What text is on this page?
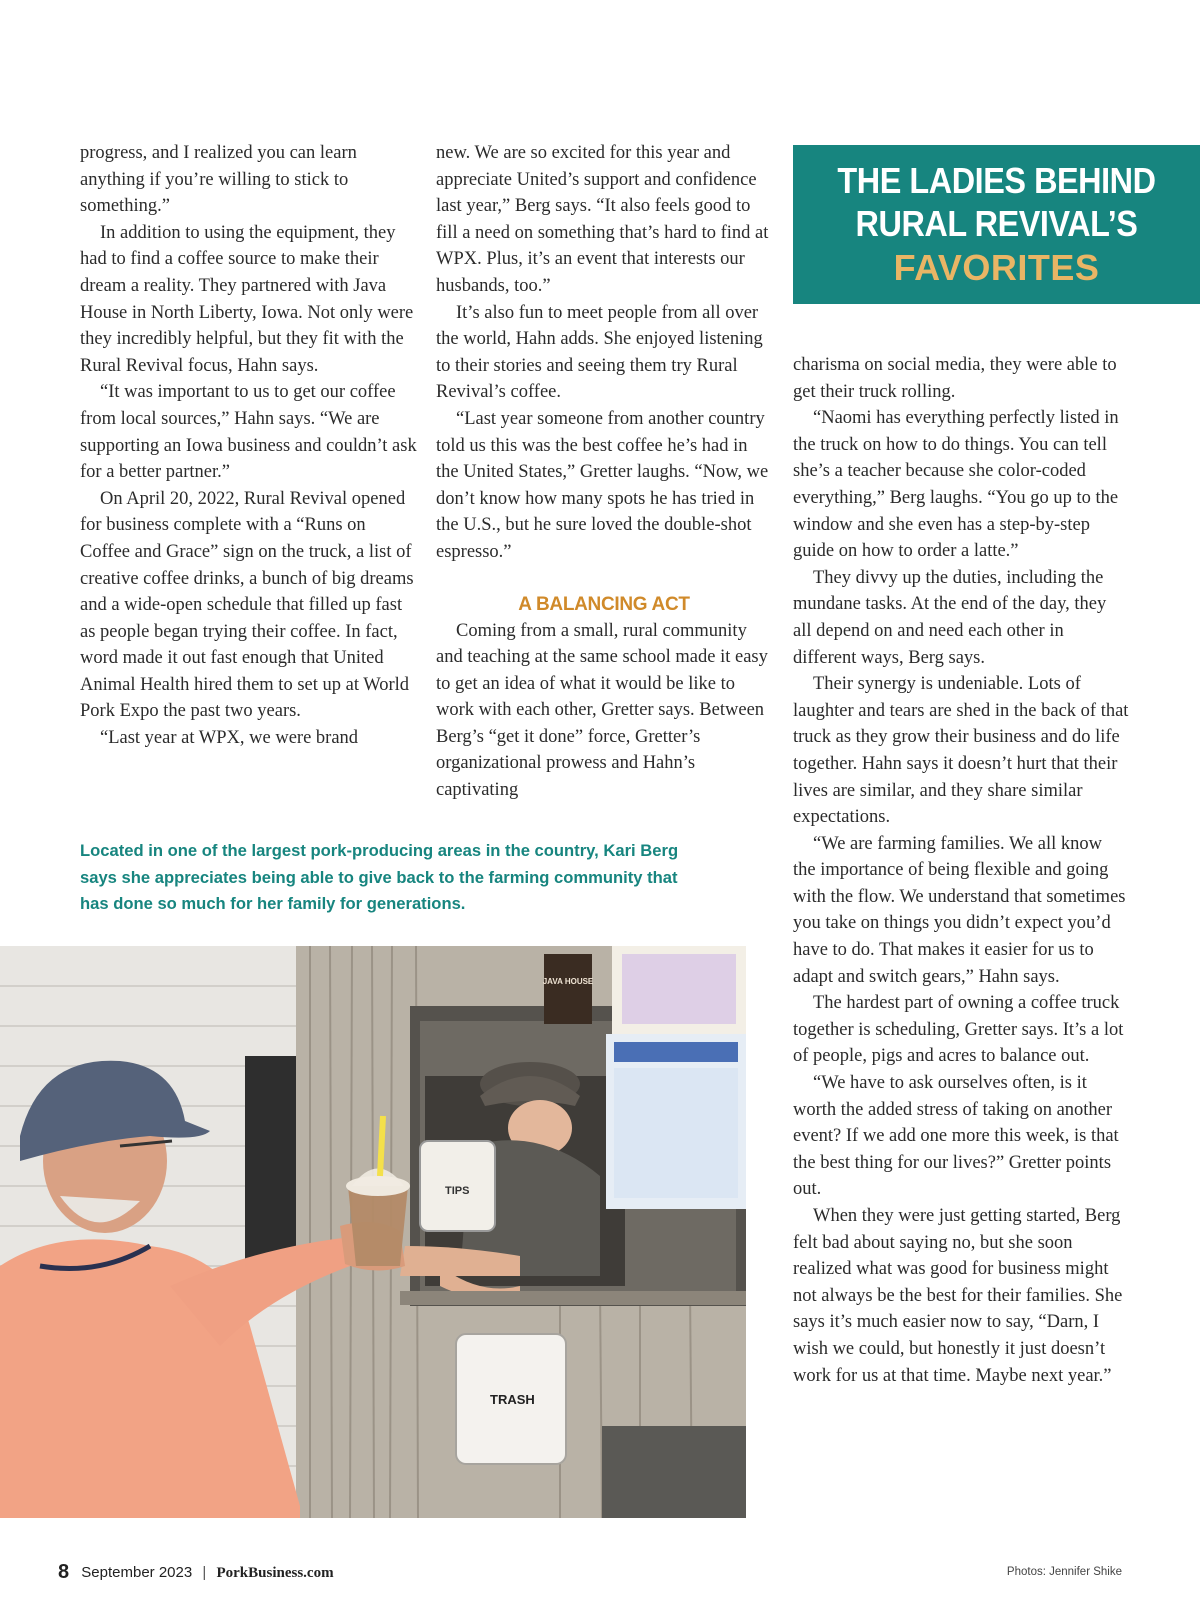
progress, and I realized you can learn anything if you’re willing to stick to something.”

In addition to using the equipment, they had to find a coffee source to make their dream a reality. They partnered with Java House in North Liberty, Iowa. Not only were they incredibly helpful, but they fit with the Rural Revival focus, Hahn says.

“It was important to us to get our coffee from local sources,” Hahn says. “We are supporting an Iowa business and couldn’t ask for a better partner.”

On April 20, 2022, Rural Revival opened for business complete with a “Runs on Coffee and Grace” sign on the truck, a list of creative coffee drinks, a bunch of big dreams and a wide-open schedule that filled up fast as people began trying their coffee. In fact, word made it out fast enough that United Animal Health hired them to set up at World Pork Expo the past two years.

“Last year at WPX, we were brand

new. We are so excited for this year and appreciate United’s support and confidence last year,” Berg says. “It also feels good to fill a need on something that’s hard to find at WPX. Plus, it’s an event that interests our husbands, too.”

It’s also fun to meet people from all over the world, Hahn adds. She enjoyed listening to their stories and seeing them try Rural Revival’s coffee.

“Last year someone from another country told us this was the best coffee he’s had in the United States,” Gretter laughs. “Now, we don’t know how many spots he has tried in the U.S., but he sure loved the double-shot espresso.”

A BALANCING ACT

Coming from a small, rural community and teaching at the same school made it easy to get an idea of what it would be like to work with each other, Gretter says. Between Berg’s “get it done” force, Gretter’s organizational prowess and Hahn’s captivating

THE LADIES BEHIND
RURAL REVIVAL’S
FAVORITES

charisma on social media, they were able to get their truck rolling.

“Naomi has everything perfectly listed in the truck on how to do things. You can tell she’s a teacher because she color-coded everything,” Berg laughs. “You go up to the window and she even has a step-by-step guide on how to order a latte.”

They divvy up the duties, including the mundane tasks. At the end of the day, they all depend on and need each other in different ways, Berg says.

Their synergy is undeniable. Lots of laughter and tears are shed in the back of that truck as they grow their business and do life together. Hahn says it doesn’t hurt that their lives are similar, and they share similar expectations.

“We are farming families. We all know the importance of being flexible and going with the flow. We understand that sometimes you take on things you didn’t expect you’d have to do. That makes it easier for us to adapt and switch gears,” Hahn says.

The hardest part of owning a coffee truck together is scheduling, Gretter says. It’s a lot of people, pigs and acres to balance out.

“We have to ask ourselves often, is it worth the added stress of taking on another event? If we add one more this week, is that the best thing for our lives?” Gretter points out.

When they were just getting started, Berg felt bad about saying no, but she soon realized what was good for business might not always be the best for their families. She says it’s much easier now to say, “Darn, I wish we could, but honestly it just doesn’t work for us at that time. Maybe next year.”

Located in one of the largest pork-producing areas in the country, Kari Berg says she appreciates being able to give back to the farming community that has done so much for her family for generations.
JAVA HOUSE
TIPS
TRASH
8 September 2023 | PorkBusiness.com	Photos: Jennifer Shike
